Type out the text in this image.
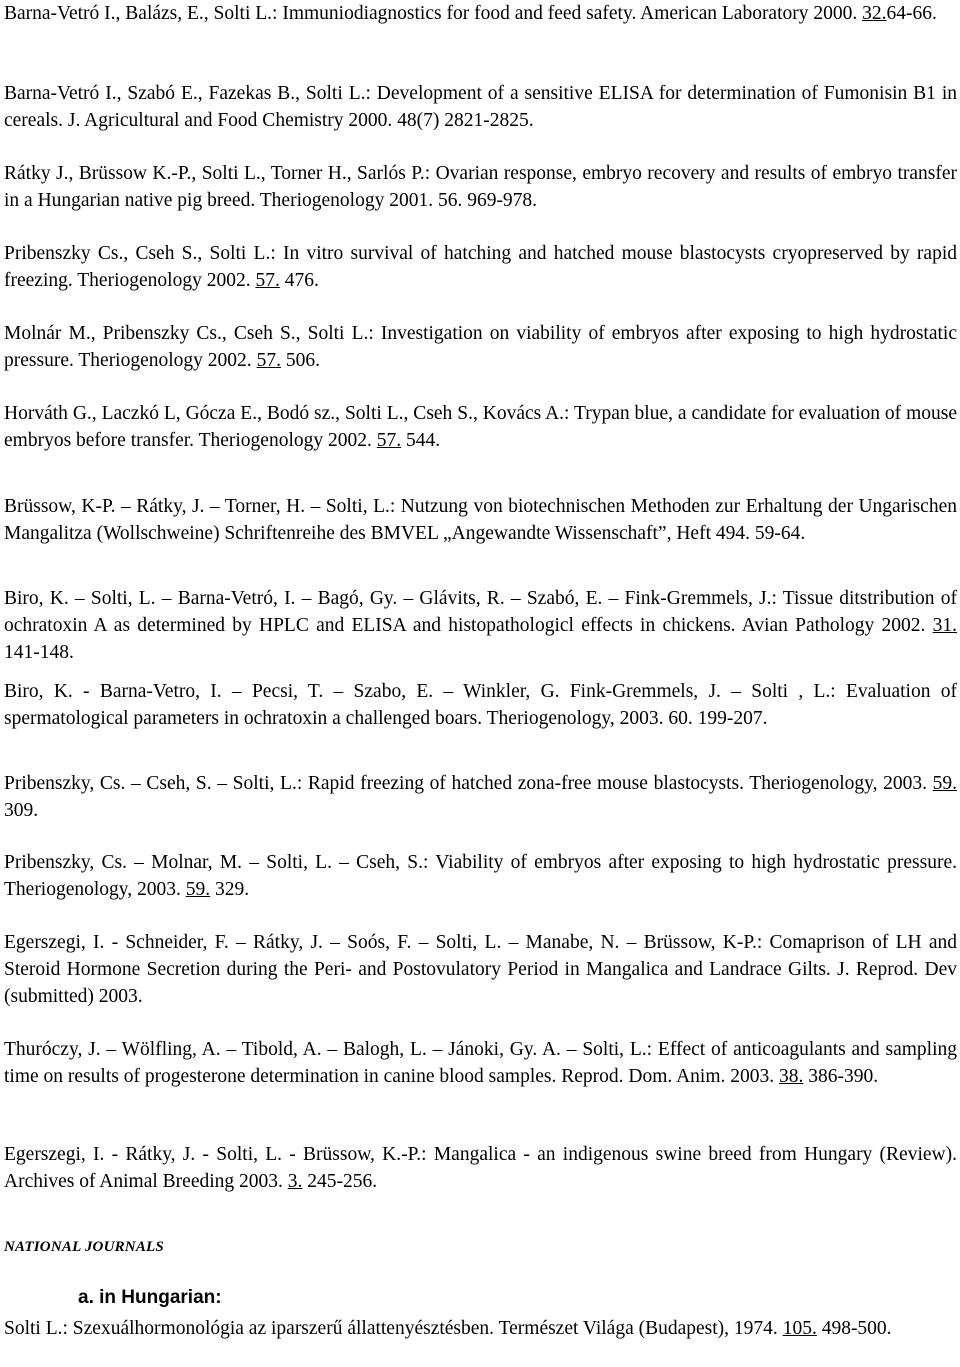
Barna-Vetró I., Balázs, E., Solti L.: Immuniodiagnostics for food and feed safety. American Laboratory 2000. 32.64-66.

Barna-Vetró I., Szabó E., Fazekas B., Solti L.: Development of a sensitive ELISA for determination of Fumonisin B1 in cereals. J. Agricultural and Food Chemistry 2000. 48(7) 2821-2825.

Rátky J., Brüssow K.-P., Solti L., Torner H., Sarlós P.: Ovarian response, embryo recovery and results of embryo transfer in a Hungarian native pig breed. Theriogenology 2001. 56. 969-978.

Pribenszky Cs., Cseh S., Solti L.: In vitro survival of hatching and hatched mouse blastocysts cryopreserved by rapid freezing. Theriogenology 2002. 57. 476.

Molnár M., Pribenszky Cs., Cseh S., Solti L.: Investigation on viability of embryos after exposing to high hydrostatic pressure. Theriogenology 2002. 57. 506.

Horváth G., Laczkó L, Gócza E., Bodó sz., Solti L., Cseh S., Kovács A.: Trypan blue, a candidate for evaluation of mouse embryos before transfer. Theriogenology 2002. 57. 544.

Brüssow, K-P. – Rátky, J. – Torner, H. – Solti, L.: Nutzung von biotechnischen Methoden zur Erhaltung der Ungarischen Mangalitza (Wollschweine) Schriftenreihe des BMVEL „Angewandte Wissenschaft”, Heft 494. 59-64.

Biro, K. – Solti, L. – Barna-Vetró, I. – Bagó, Gy. – Glávits, R. – Szabó, E. – Fink-Gremmels, J.: Tissue ditstribution of ochratoxin A as determined by HPLC and ELISA and histopathologicl effects in chickens. Avian Pathology 2002. 31. 141-148.

Biro, K. - Barna-Vetro, I. – Pecsi, T. – Szabo, E. – Winkler, G. Fink-Gremmels, J. – Solti , L.: Evaluation of spermatological parameters in ochratoxin a challenged boars. Theriogenology, 2003. 60. 199-207.

Pribenszky, Cs. – Cseh, S. – Solti, L.: Rapid freezing of hatched zona-free mouse blastocysts. Theriogenology, 2003. 59. 309.

Pribenszky, Cs. – Molnar, M. – Solti, L. – Cseh, S.: Viability of embryos after exposing to high hydrostatic pressure. Theriogenology, 2003. 59. 329.

Egerszegi, I. - Schneider, F. – Rátky, J. – Soós, F. – Solti, L. – Manabe, N. – Brüssow, K-P.: Comaprison of LH and Steroid Hormone Secretion during the Peri- and Postovulatory Period in Mangalica and Landrace Gilts. J. Reprod. Dev (submitted) 2003.

Thuróczy, J. – Wölfling, A. – Tibold, A. – Balogh, L. – Jánoki, Gy. A. – Solti, L.: Effect of anticoagulants and sampling time on results of progesterone determination in canine blood samples. Reprod. Dom. Anim. 2003. 38. 386-390.

Egerszegi, I. - Rátky, J. - Solti, L. - Brüssow, K.-P.: Mangalica - an indigenous swine breed from Hungary (Review). Archives of Animal Breeding 2003. 3. 245-256.

NATIONAL JOURNALS
a. in Hungarian:

Solti L.: Szexuálhormonológia az iparszerű állattenyésztésben. Természet Világa (Budapest), 1974. 105. 498-500.
